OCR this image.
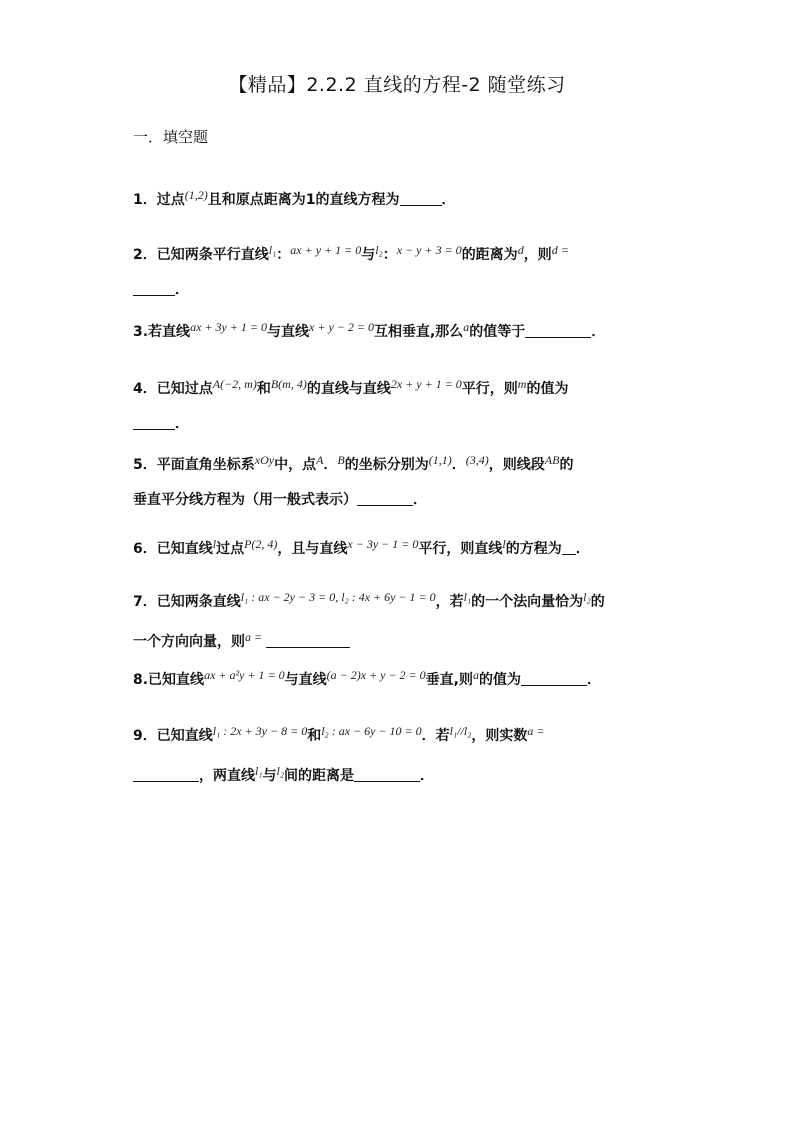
【精品】2.2.2 直线的方程-2 随堂练习
一．填空题
1．过点(1,2)且和原点距离为1的直线方程为	．
2．已知两条平行直线l₁：ax + y + 1 = 0与l₂：x − y + 3 = 0的距离为d，则d =
．
3.若直线ax + 3y + 1 = 0与直线x + y − 2 = 0互相垂直,那么a的值等于	．
4．已知过点A(−2, m)和B(m, 4)的直线与直线2x + y + 1 = 0平行，则m的值为
．
5．平面直角坐标系xOy中，点A．B的坐标分别为(1,1)．(3,4)，则线段AB的
垂直平分线方程为（用一般式表示）	．
6．已知直线l过点P(2, 4)，且与直线x − 3y − 1 = 0平行，则直线l的方程为 ．
7．已知两条直线l₁ : ax − 2y − 3 = 0, l₂ : 4x + 6y − 1 = 0，若l₁的一个法向量恰为l₂的
一个方向向量，则a =
8.已知直线ax + a²y + 1 = 0与直线(a − 2)x + y − 2 = 0垂直,则a的值为	．
9．已知直线l₁ : 2x + 3y − 8 = 0和l₂ : ax − 6y − 10 = 0．若l₁//l₂，则实数a =
，两直线l₁与l₂间的距离是	．
